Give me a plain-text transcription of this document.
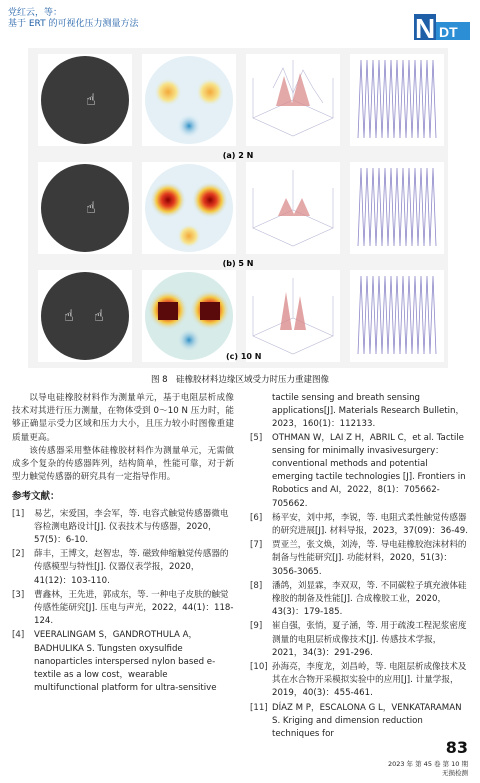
党红云，等：
基于 ERT 的可视化压力测量方法	N DT
☝
(a) 2 N
☝
(b) 5 N
☝ ☝
(c) 10 N
图 8　硅橡胶材料边缘区域受力时压力重建图像

以导电硅橡胶材料作为测量单元，基于电阻层析成像技术对其进行压力测量，在物体受到 0～10 N 压力时，能够正确显示受力区域和压力大小，且压力较小时图像重建质量更高。

该传感器采用整体硅橡胶材料作为测量单元，无需做成多个复杂的传感器阵列，结构简单，性能可靠，对于新型力触觉传感器的研究具有一定指导作用。

参考文献：
[1]	易艺，宋爱国，李会军，等. 电容式触觉传感器微电容检测电路设计[J]. 仪表技术与传感器，2020，57(5)：6-10.
[2]	薛丰，王博文，赵智忠，等. 磁致伸缩触觉传感器的传感模型与特性[J]. 仪器仪表学报，2020，41(12)：103-110.
[3]	曹鑫林，王先进，郭成东，等. 一种电子皮肤的触觉传感性能研究[J]. 压电与声光，2022，44(1)：118-124.
[4]	VEERALINGAM S，GANDROTHULA A，BADHULIKA S. Tungsten oxysulfide nanoparticles interspersed nylon based e-textile as a low cost，wearable multifunctional platform for ultra-sensitive
tactile sensing and breath sensing applications[J]. Materials Research Bulletin，2023，160(1)：112133.
[5]	OTHMAN W，LAI Z H，ABRIL C，et al. Tactile sensing for minimally invasivesurgery：conventional methods and potential emerging tactile technologies [J]. Frontiers in Robotics and AI，2022，8(1)：705662-705662.
[6]	杨平安，刘中邦，李锐，等. 电阻式柔性触觉传感器的研究进展[J]. 材料导报，2023，37(09)：36-49.
[7]	贾亚兰，张文焕，刘涛，等. 导电硅橡胶泡沫材料的制备与性能研究[J]. 功能材料，2020，51(3)：3056-3065.
[8]	潘鸽，刘显霖，李双双，等. 不同碳粒子填充液体硅橡胶的制备及性能[J]. 合成橡胶工业，2020，43(3)：179-185.
[9]	崔自强，张悄，夏子涵，等. 用于疏浚工程泥浆密度测量的电阻层析成像技术[J]. 传感技术学报，2021，34(3)：291-296.
[10] 孙海亮，李度龙，刘昌岭，等. 电阻层析成像技术及其在水合物开采模拟实验中的应用[J]. 计量学报，2019，40(3)：455-461.
[11] DÍAZ M P，ESCALONA G L，VENKATARAMAN S. Kriging and dimension reduction techniques for
83
2023 年 第 45 卷 第 10 期
无损检测
